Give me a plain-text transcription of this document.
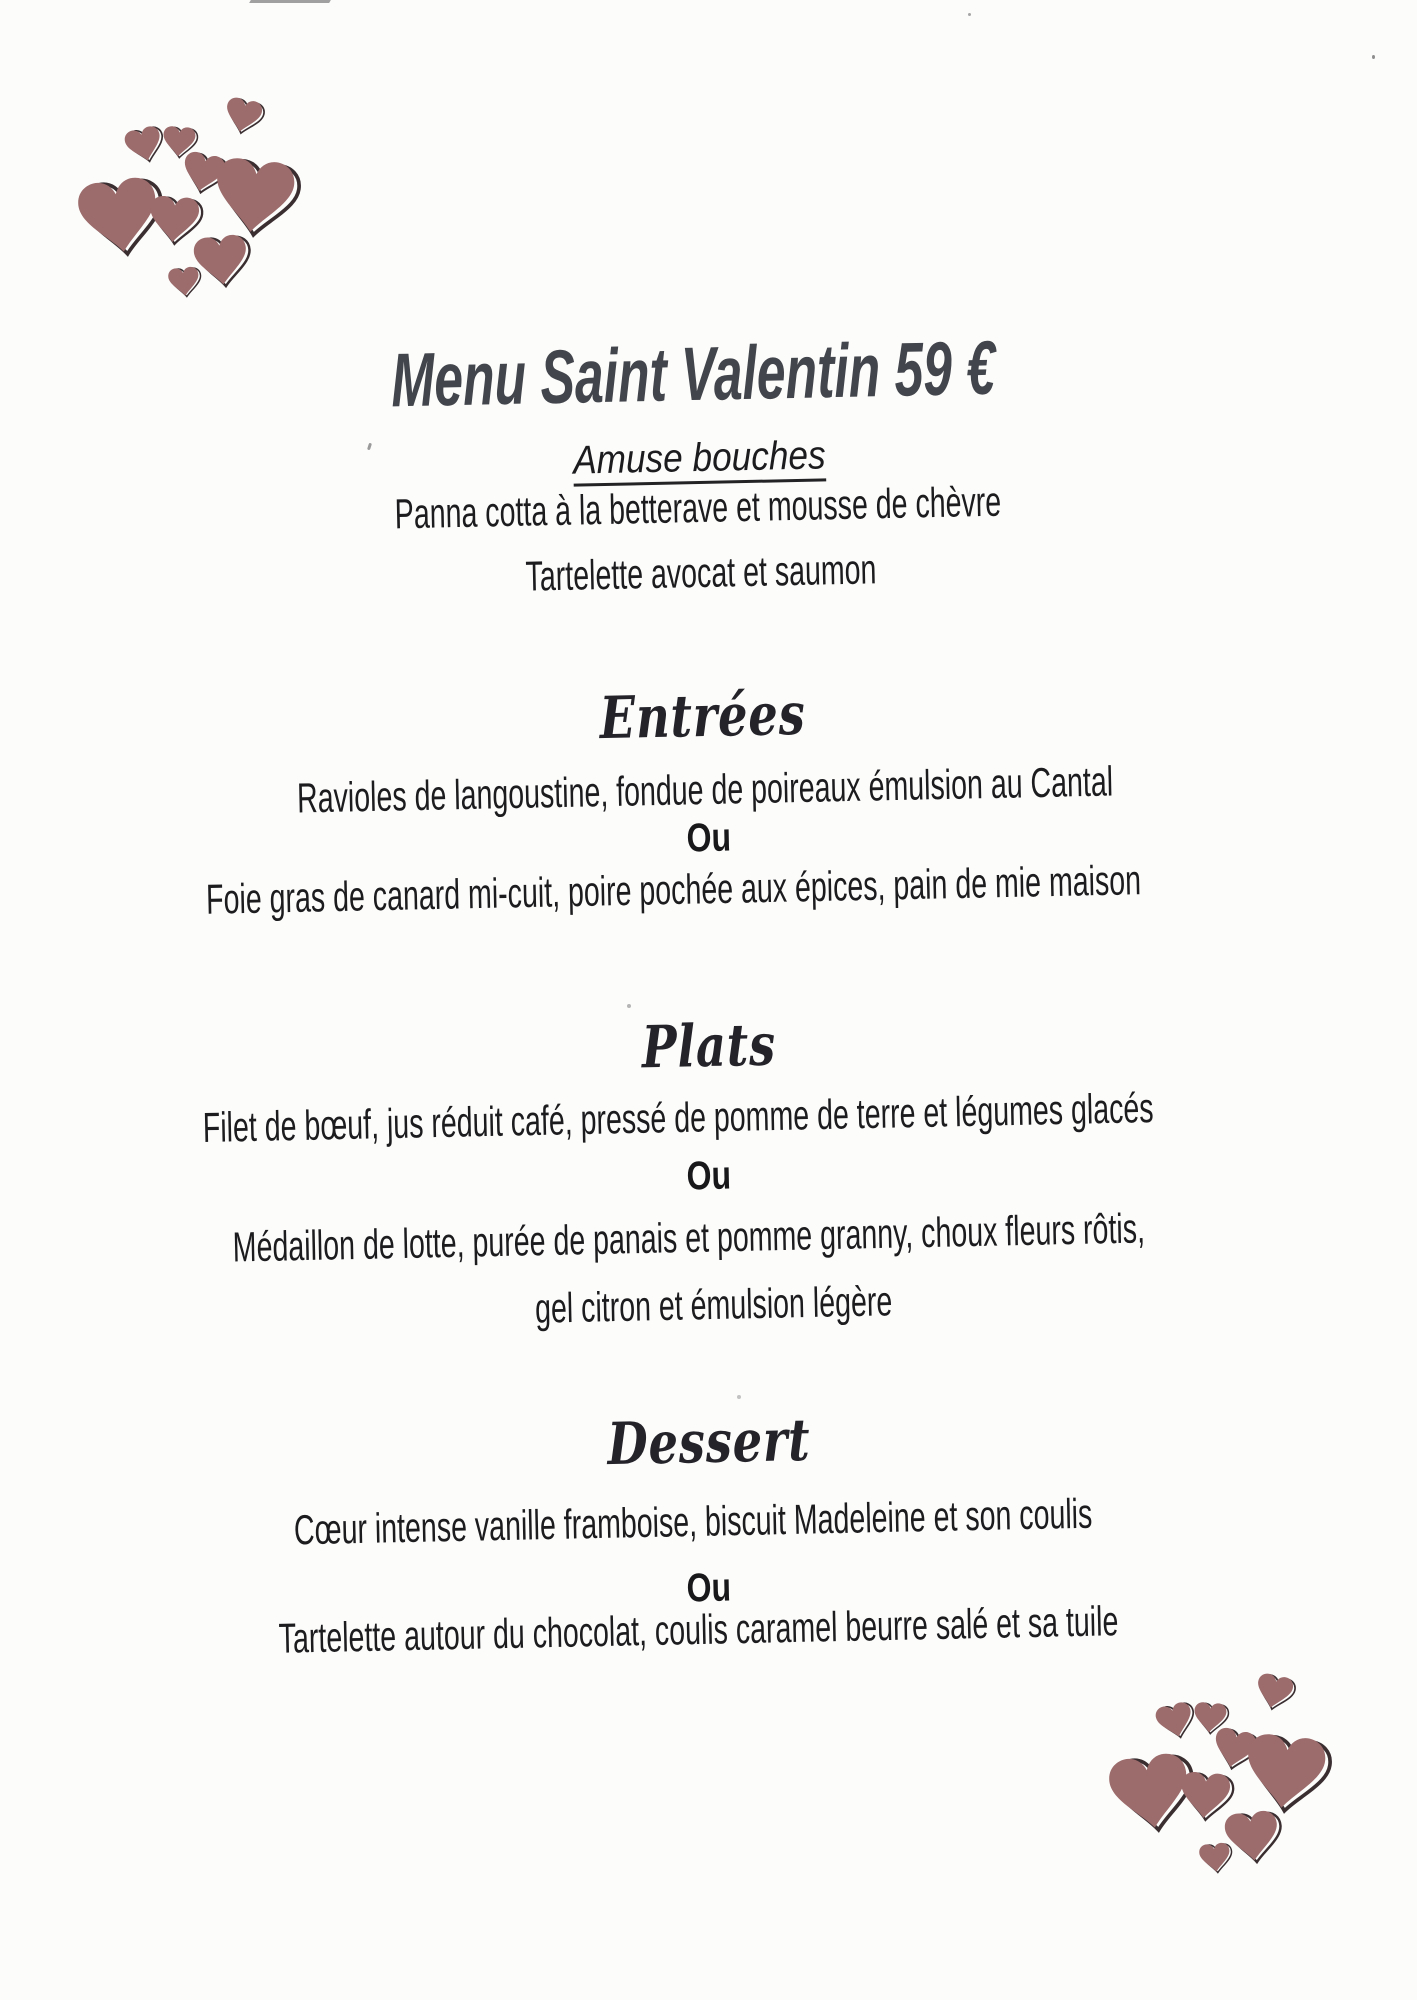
Menu Saint Valentin 59 €
Amuse bouches
Panna cotta à la betterave et mousse de chèvre
Tartelette avocat et saumon
Entrées
Ravioles de langoustine, fondue de poireaux émulsion au Cantal
Ou
Foie gras de canard mi-cuit, poire pochée aux épices, pain de mie maison
Plats
Filet de bœuf, jus réduit café, pressé de pomme de terre et légumes glacés
Ou
Médaillon de lotte, purée de panais et pomme granny, choux fleurs rôtis,
gel citron et émulsion légère
Dessert
Cœur intense vanille framboise, biscuit Madeleine et son coulis
Ou
Tartelette autour du chocolat, coulis caramel beurre salé et sa tuile
